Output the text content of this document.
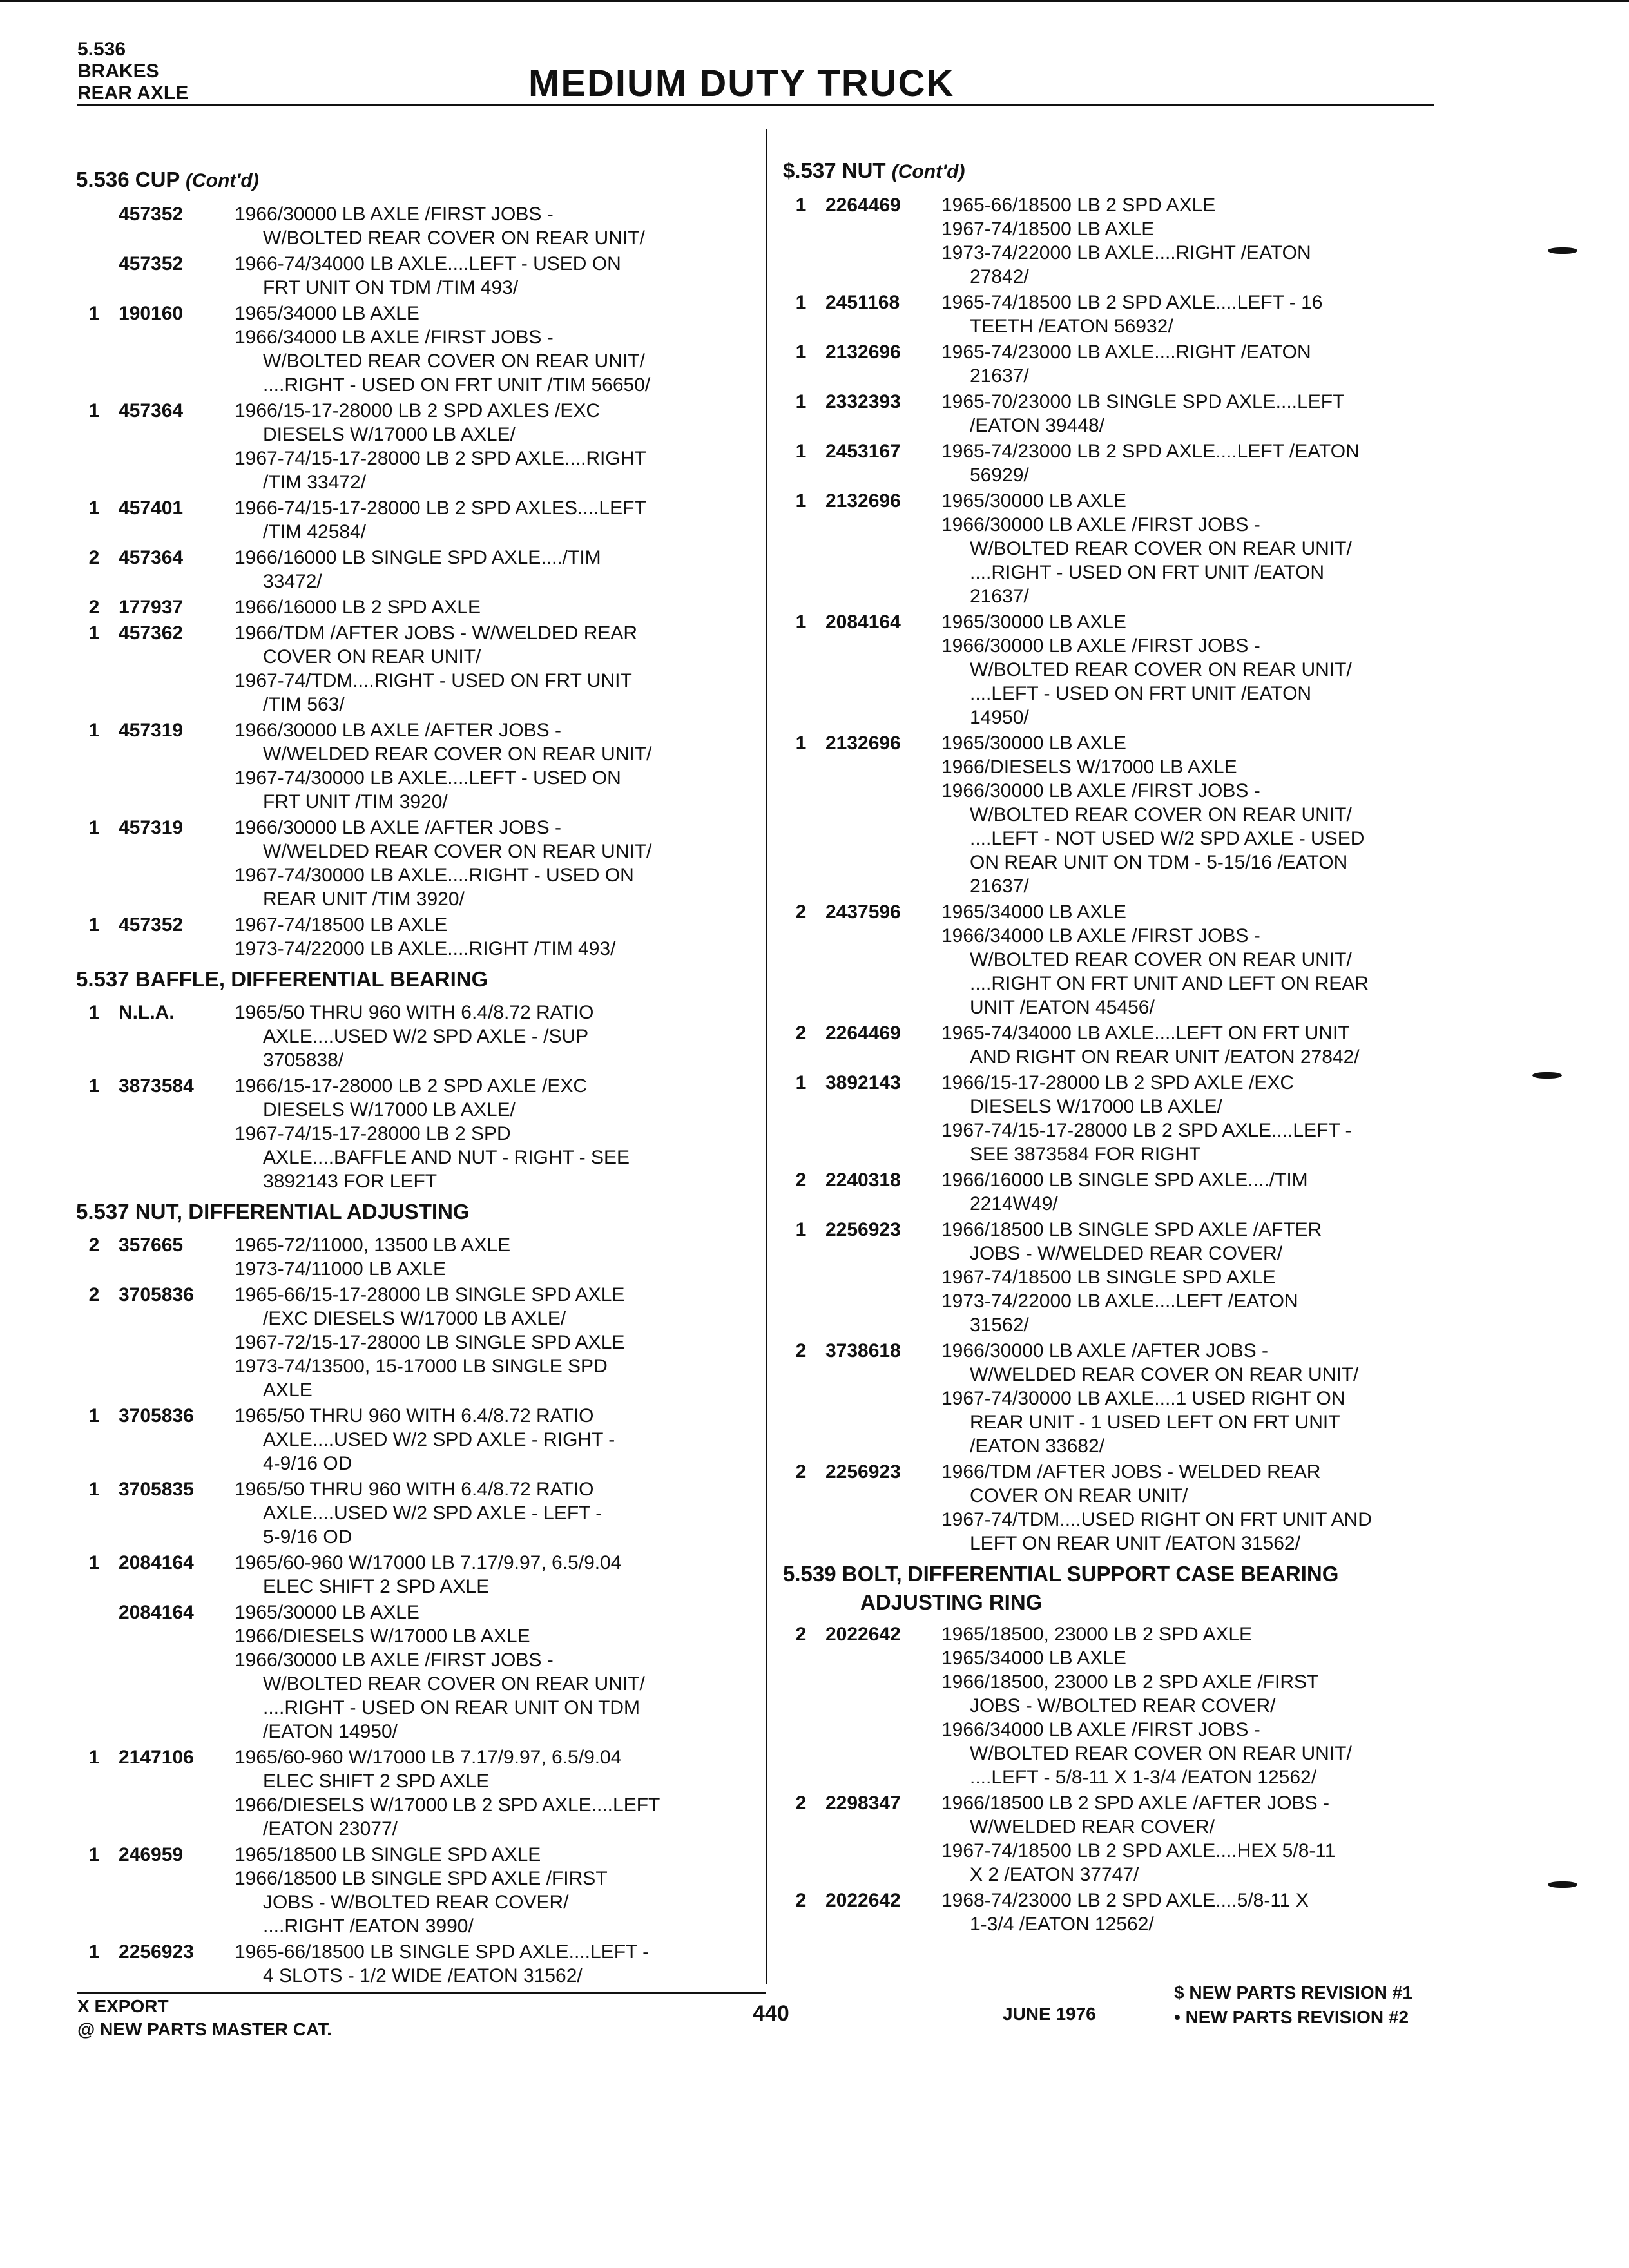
5.536
BRAKES
REAR AXLE	MEDIUM DUTY TRUCK
5.536 CUP (Cont'd)
457352	1966/30000 LB AXLE /FIRST JOBS -
W/BOLTED REAR COVER ON REAR UNIT/
457352	1966-74/34000 LB AXLE....LEFT - USED ON
FRT UNIT ON TDM /TIM 493/
1 190160	1965/34000 LB AXLE
1966/34000 LB AXLE /FIRST JOBS -
W/BOLTED REAR COVER ON REAR UNIT/
....RIGHT - USED ON FRT UNIT /TIM 56650/
1 457364	1966/15-17-28000 LB 2 SPD AXLES /EXC
DIESELS W/17000 LB AXLE/
1967-74/15-17-28000 LB 2 SPD AXLE....RIGHT
/TIM 33472/
1 457401	1966-74/15-17-28000 LB 2 SPD AXLES....LEFT
/TIM 42584/
2 457364	1966/16000 LB SINGLE SPD AXLE..../TIM
33472/
2 177937	1966/16000 LB 2 SPD AXLE
1 457362	1966/TDM /AFTER JOBS - W/WELDED REAR
COVER ON REAR UNIT/
1967-74/TDM....RIGHT - USED ON FRT UNIT
/TIM 563/
1 457319	1966/30000 LB AXLE /AFTER JOBS -
W/WELDED REAR COVER ON REAR UNIT/
1967-74/30000 LB AXLE....LEFT - USED ON
FRT UNIT /TIM 3920/
1 457319	1966/30000 LB AXLE /AFTER JOBS -
W/WELDED REAR COVER ON REAR UNIT/
1967-74/30000 LB AXLE....RIGHT - USED ON
REAR UNIT /TIM 3920/
1 457352	1967-74/18500 LB AXLE
1973-74/22000 LB AXLE....RIGHT /TIM 493/
5.537 BAFFLE, DIFFERENTIAL BEARING
1 N.L.A.	1965/50 THRU 960 WITH 6.4/8.72 RATIO
AXLE....USED W/2 SPD AXLE - /SUP
3705838/
1 3873584	1966/15-17-28000 LB 2 SPD AXLE /EXC
DIESELS W/17000 LB AXLE/
1967-74/15-17-28000 LB 2 SPD
AXLE....BAFFLE AND NUT - RIGHT - SEE
3892143 FOR LEFT
5.537 NUT, DIFFERENTIAL ADJUSTING
2 357665	1965-72/11000, 13500 LB AXLE
1973-74/11000 LB AXLE
2 3705836	1965-66/15-17-28000 LB SINGLE SPD AXLE
/EXC DIESELS W/17000 LB AXLE/
1967-72/15-17-28000 LB SINGLE SPD AXLE
1973-74/13500, 15-17000 LB SINGLE SPD
AXLE
1 3705836	1965/50 THRU 960 WITH 6.4/8.72 RATIO
AXLE....USED W/2 SPD AXLE - RIGHT -
4-9/16 OD
1 3705835	1965/50 THRU 960 WITH 6.4/8.72 RATIO
AXLE....USED W/2 SPD AXLE - LEFT -
5-9/16 OD
1 2084164	1965/60-960 W/17000 LB 7.17/9.97, 6.5/9.04
ELEC SHIFT 2 SPD AXLE
2084164	1965/30000 LB AXLE
1966/DIESELS W/17000 LB AXLE
1966/30000 LB AXLE /FIRST JOBS -
W/BOLTED REAR COVER ON REAR UNIT/
....RIGHT - USED ON REAR UNIT ON TDM
/EATON 14950/
1 2147106	1965/60-960 W/17000 LB 7.17/9.97, 6.5/9.04
ELEC SHIFT 2 SPD AXLE
1966/DIESELS W/17000 LB 2 SPD AXLE....LEFT
/EATON 23077/
1 246959	1965/18500 LB SINGLE SPD AXLE
1966/18500 LB SINGLE SPD AXLE /FIRST
JOBS - W/BOLTED REAR COVER/
....RIGHT /EATON 3990/
1 2256923	1965-66/18500 LB SINGLE SPD AXLE....LEFT -
4 SLOTS - 1/2 WIDE /EATON 31562/
$.537 NUT (Cont'd)
1 2264469	1965-66/18500 LB 2 SPD AXLE
1967-74/18500 LB AXLE
1973-74/22000 LB AXLE....RIGHT /EATON
27842/
1 2451168	1965-74/18500 LB 2 SPD AXLE....LEFT - 16
TEETH /EATON 56932/
1 2132696	1965-74/23000 LB AXLE....RIGHT /EATON
21637/
1 2332393	1965-70/23000 LB SINGLE SPD AXLE....LEFT
/EATON 39448/
1 2453167	1965-74/23000 LB 2 SPD AXLE....LEFT /EATON
56929/
1 2132696	1965/30000 LB AXLE
1966/30000 LB AXLE /FIRST JOBS -
W/BOLTED REAR COVER ON REAR UNIT/
....RIGHT - USED ON FRT UNIT /EATON
21637/
1 2084164	1965/30000 LB AXLE
1966/30000 LB AXLE /FIRST JOBS -
W/BOLTED REAR COVER ON REAR UNIT/
....LEFT - USED ON FRT UNIT /EATON
14950/
1 2132696	1965/30000 LB AXLE
1966/DIESELS W/17000 LB AXLE
1966/30000 LB AXLE /FIRST JOBS -
W/BOLTED REAR COVER ON REAR UNIT/
....LEFT - NOT USED W/2 SPD AXLE - USED
ON REAR UNIT ON TDM - 5-15/16 /EATON
21637/
2 2437596	1965/34000 LB AXLE
1966/34000 LB AXLE /FIRST JOBS -
W/BOLTED REAR COVER ON REAR UNIT/
....RIGHT ON FRT UNIT AND LEFT ON REAR
UNIT /EATON 45456/
2 2264469	1965-74/34000 LB AXLE....LEFT ON FRT UNIT
AND RIGHT ON REAR UNIT /EATON 27842/
1 3892143	1966/15-17-28000 LB 2 SPD AXLE /EXC
DIESELS W/17000 LB AXLE/
1967-74/15-17-28000 LB 2 SPD AXLE....LEFT -
SEE 3873584 FOR RIGHT
2 2240318	1966/16000 LB SINGLE SPD AXLE..../TIM
2214W49/
1 2256923	1966/18500 LB SINGLE SPD AXLE /AFTER
JOBS - W/WELDED REAR COVER/
1967-74/18500 LB SINGLE SPD AXLE
1973-74/22000 LB AXLE....LEFT /EATON
31562/
2 3738618	1966/30000 LB AXLE /AFTER JOBS -
W/WELDED REAR COVER ON REAR UNIT/
1967-74/30000 LB AXLE....1 USED RIGHT ON
REAR UNIT - 1 USED LEFT ON FRT UNIT
/EATON 33682/
2 2256923	1966/TDM /AFTER JOBS - WELDED REAR
COVER ON REAR UNIT/
1967-74/TDM....USED RIGHT ON FRT UNIT AND
LEFT ON REAR UNIT /EATON 31562/
5.539 BOLT, DIFFERENTIAL SUPPORT CASE BEARING
ADJUSTING RING
2 2022642	1965/18500, 23000 LB 2 SPD AXLE
1965/34000 LB AXLE
1966/18500, 23000 LB 2 SPD AXLE /FIRST
JOBS - W/BOLTED REAR COVER/
1966/34000 LB AXLE /FIRST JOBS -
W/BOLTED REAR COVER ON REAR UNIT/
....LEFT - 5/8-11 X 1-3/4 /EATON 12562/
2 2298347	1966/18500 LB 2 SPD AXLE /AFTER JOBS -
W/WELDED REAR COVER/
1967-74/18500 LB 2 SPD AXLE....HEX 5/8-11
X 2 /EATON 37747/
2 2022642	1968-74/23000 LB 2 SPD AXLE....5/8-11 X
1-3/4 /EATON 12562/
X EXPORT
@ NEW PARTS MASTER CAT.
440	JUNE 1976
$ NEW PARTS REVISION #1
• NEW PARTS REVISION #2
